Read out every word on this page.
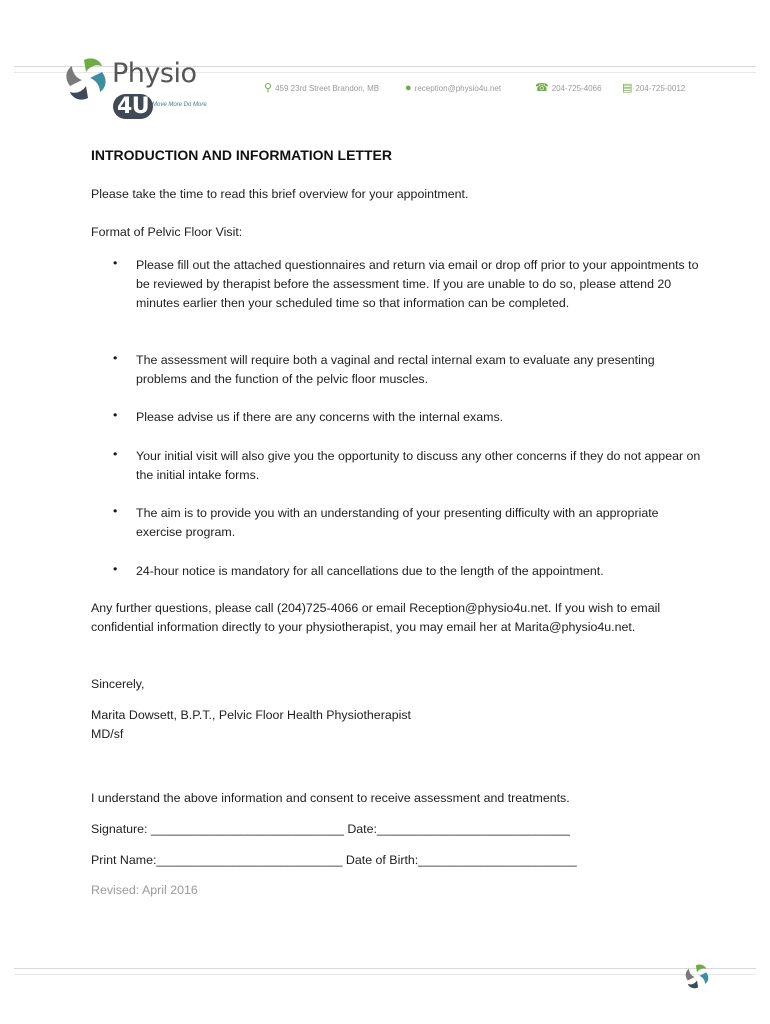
Physio4U Move More Do More
⚲ 459 23rd Street Brandon, MB ● reception@physio4u.net	☎ 204-725-4066 ▤ 204-725-0012
INTRODUCTION AND INFORMATION LETTER
Please take the time to read this brief overview for your appointment.
Format of Pelvic Floor Visit:
• Please fill out the attached questionnaires and return via email or drop off prior to your appointments to be reviewed by therapist before the assessment time. If you are unable to do so, please attend 20 minutes earlier then your scheduled time so that information can be completed.
• The assessment will require both a vaginal and rectal internal exam to evaluate any presenting problems and the function of the pelvic floor muscles.
• Please advise us if there are any concerns with the internal exams.
• Your initial visit will also give you the opportunity to discuss any other concerns if they do not appear on the initial intake forms.
• The aim is to provide you with an understanding of your presenting difficulty with an appropriate exercise program.
• 24-hour notice is mandatory for all cancellations due to the length of the appointment.
Any further questions, please call (204)725-4066 or email Reception@physio4u.net. If you wish to email confidential information directly to your physiotherapist, you may email her at Marita@physio4u.net.
Sincerely,
Marita Dowsett, B.P.T., Pelvic Floor Health Physiotherapist
MD/sf
I understand the above information and consent to receive assessment and treatments.
Signature: ____________________________ Date:____________________________
Print Name:___________________________ Date of Birth:_______________________
Revised: April 2016
